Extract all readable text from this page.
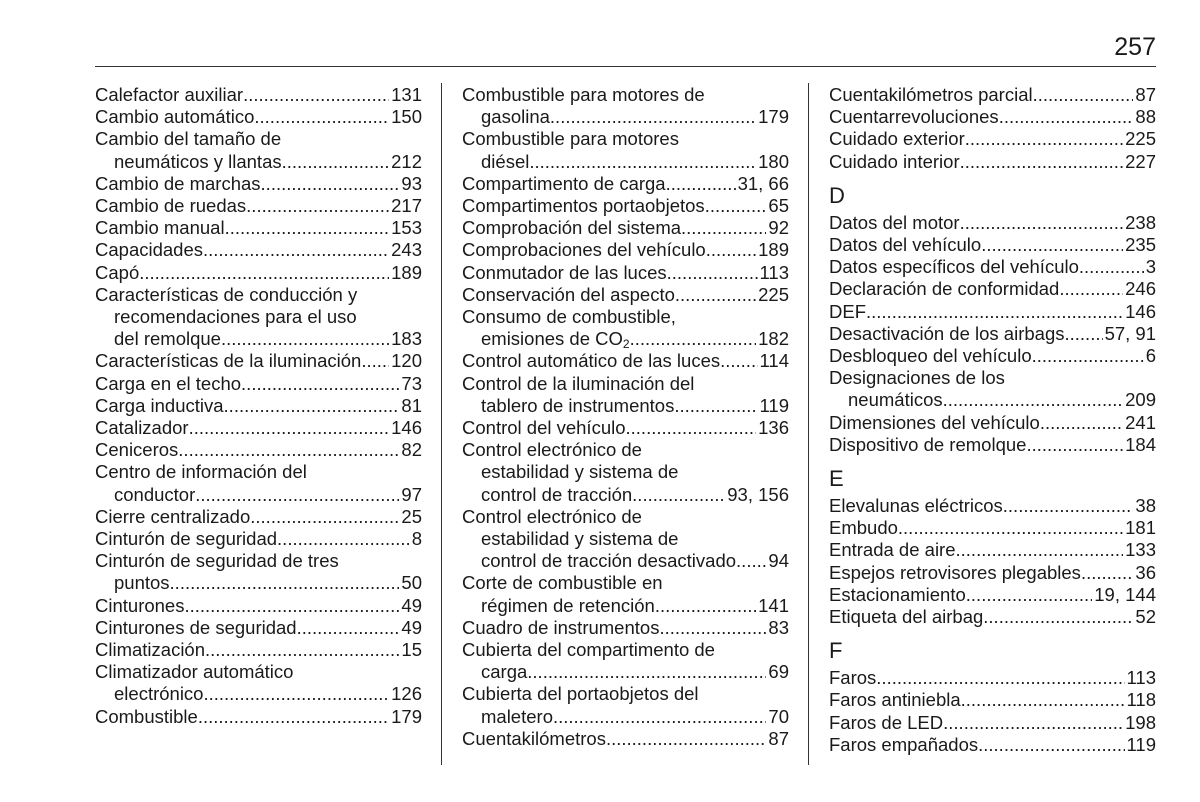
257
Calefactor auxiliar .....	131
Cambio automático .....	150
Cambio del tamaño de
neumáticos y llantas .....	212
Cambio de marchas .....	93
Cambio de ruedas .....	217
Cambio manual .....	153
Capacidades .....	243
Capó .....	189
Características de conducción y
recomendaciones para el uso
del remolque .....	183
Características de la iluminación ..... 120
Carga en el techo .....	73
Carga inductiva .....	81
Catalizador .....	146
Ceniceros .....	82
Centro de información del
conductor .....	97
Cierre centralizado .....	25
Cinturón de seguridad .....	8
Cinturón de seguridad de tres
puntos .....	50
Cinturones .....	49
Cinturones de seguridad .....	49
Climatización .....	15
Climatizador automático
electrónico .....	126
Combustible .....	179
Combustible para motores de
gasolina .....	179
Combustible para motores
diésel .....	180
Compartimento de carga .....	31, 66
Compartimentos portaobjetos .....	65
Comprobación del sistema .....	92
Comprobaciones del vehículo .....	189
Conmutador de las luces .....	113
Conservación del aspecto .....	225
Consumo de combustible,
emisiones de $CO_2$ .....	182
Control automático de las luces ..... 114
Control de la iluminación del
tablero de instrumentos .....	119
Control del vehículo .....	136
Control electrónico de
estabilidad y sistema de
control de tracción .....	93, 156
Control electrónico de
estabilidad y sistema de
control de tracción desactivado ..... 94
Corte de combustible en
régimen de retención .....	141
Cuadro de instrumentos .....	83
Cubierta del compartimento de
carga .....	69
Cubierta del portaobjetos del
maletero .....	70
Cuentakilómetros .....	87
Cuentakilómetros parcial .....	87
Cuentarrevoluciones .....	88
Cuidado exterior .....	225
Cuidado interior .....	227
D
Datos del motor .....	238
Datos del vehículo .....	235
Datos específicos del vehículo .....	3
Declaración de conformidad .....	246
DEF .....	146
Desactivación de los airbags ..... 57, 91
Desbloqueo del vehículo .....	6
Designaciones de los
neumáticos .....	209
Dimensiones del vehículo .....	241
Dispositivo de remolque .....	184
E
Elevalunas eléctricos .....	38
Embudo .....	181
Entrada de aire .....	133
Espejos retrovisores plegables .....	36
Estacionamiento .....	19, 144
Etiqueta del airbag .....	52
F
Faros .....	113
Faros antiniebla .....	118
Faros de LED .....	198
Faros empañados .....	119
